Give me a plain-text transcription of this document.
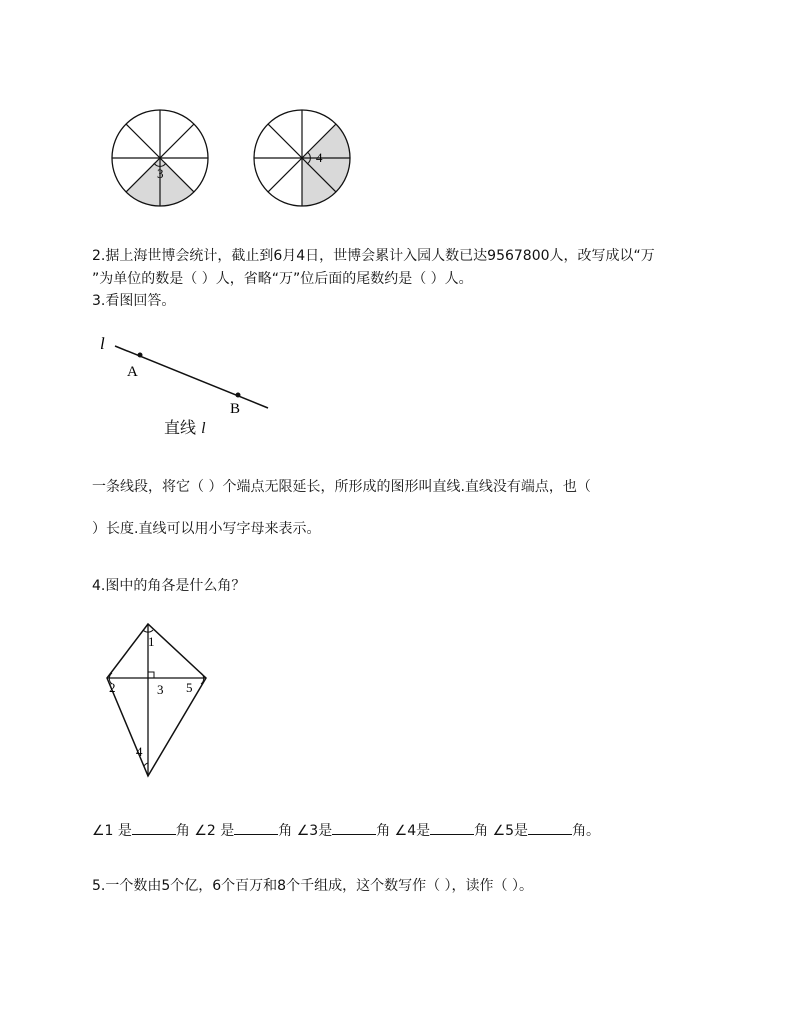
3
4
2.据上海世博会统计，截止到6月4日，世博会累计入园人数已达9567800人，改写成以“万
”为单位的数是（ ）人，省略“万”位后面的尾数约是（ ）人。
3.看图回答。
l
A
B
直线 l
一条线段，将它（ ）个端点无限延长，所形成的图形叫直线.直线没有端点，也（
）长度.直线可以用小写字母来表示。
4.图中的角各是什么角？
1
2	3
4
5
∠1 是	角 ∠2 是	角 ∠3是	角 ∠4是	角 ∠5是	角。
5.一个数由5个亿，6个百万和8个千组成，这个数写作（ ），读作（ ）。
